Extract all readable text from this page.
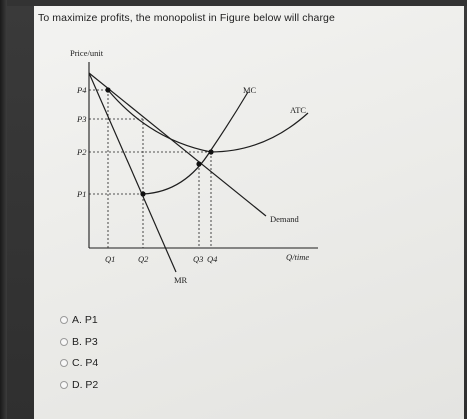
To maximize profits, the monopolist in Figure below will charge
Price/unit
P4
P3
P2
P1
Q1	Q2	Q3 Q4
MC
ATC
Demand
MR
Q/time
A. P1
B. P3
C. P4
D. P2
